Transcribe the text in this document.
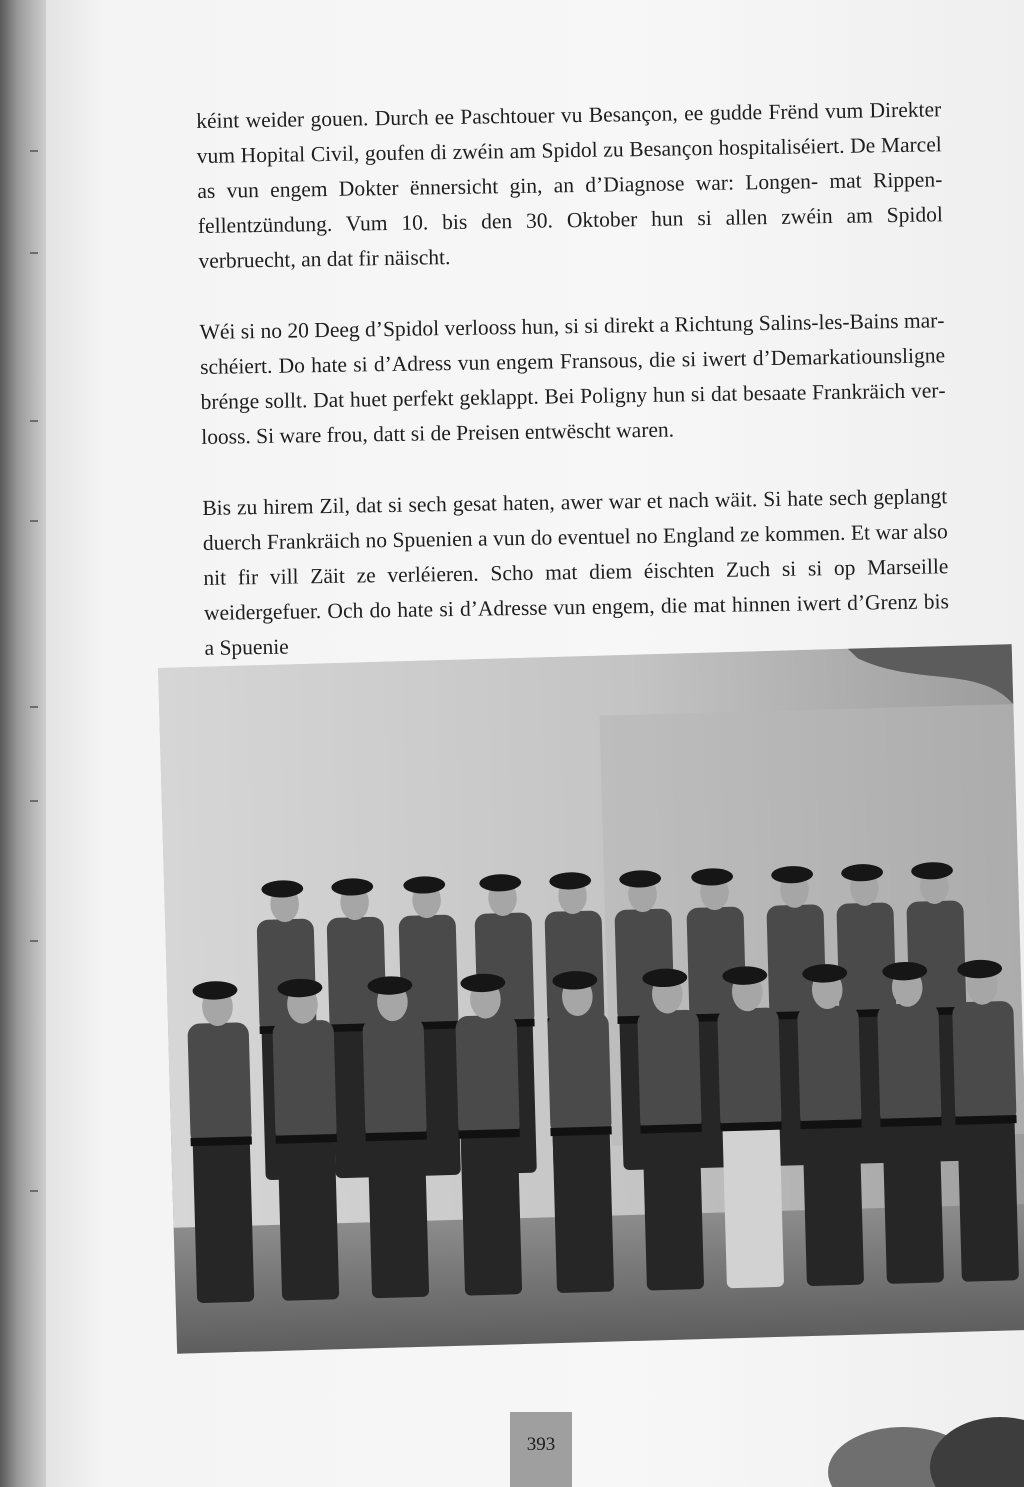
kéint weider gouen. Durch ee Paschtouer vu Besançon, ee gudde Frënd vum Direkter vum Hopital Civil, goufen di zwéin am Spidol zu Besançon hospitaliséiert. De Marcel as vun engem Dokter ënnersicht gin, an d’Diagnose war: Longen- mat Rippenfellentzündung. Vum 10. bis den 30. Oktober hun si allen zwéin am Spidol verbruecht, an dat fir näischt.

Wéi si no 20 Deeg d’Spidol verlooss hun, si si direkt a Richtung Salins-les-Bains marschéiert. Do hate si d’Adress vun engem Fransous, die si iwert d’Demarkatiounsligne brénge sollt. Dat huet perfekt geklappt. Bei Poligny hun si dat besaate Frankräich verlooss. Si ware frou, datt si de Preisen entwëscht waren.

Bis zu hirem Zil, dat si sech gesat haten, awer war et nach wäit. Si hate sech geplangt duerch Frankräich no Spuenien a vun do eventuel no England ze kommen. Et war also nit fir vill Zäit ze verléieren. Scho mat diem éischten Zuch si si op Marseille weidergefuer. Och do hate si d’Adresse vun engem, die mat hinnen iwert d’Grenz bis a Spuenie

393
